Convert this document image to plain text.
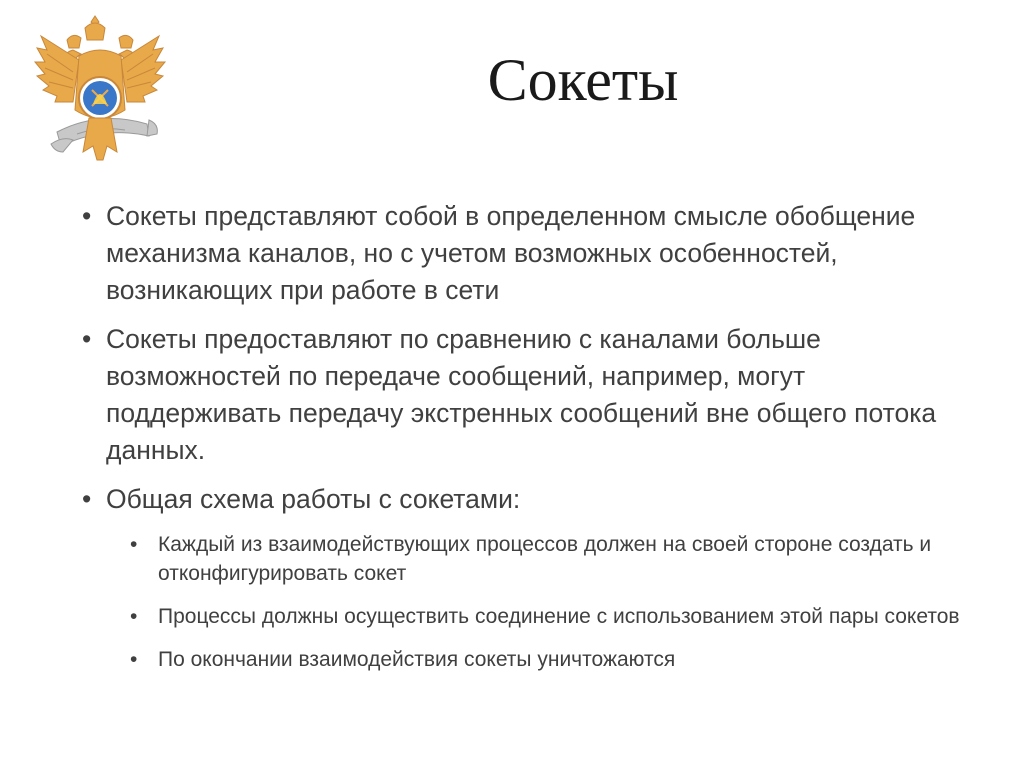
Сокеты
• Сокеты представляют собой в определенном смысле обобщение механизма каналов, но с учетом возможных особенностей, возникающих при работе в сети
• Сокеты предоставляют по сравнению с каналами больше возможностей по передаче сообщений, например, могут поддерживать передачу экстренных сообщений вне общего потока данных.
• Общая схема работы с сокетами:
• Каждый из взаимодействующих процессов должен на своей стороне создать и отконфигурировать сокет
• Процессы должны осуществить соединение с использованием этой пары сокетов
• По окончании взаимодействия сокеты уничтожаются
